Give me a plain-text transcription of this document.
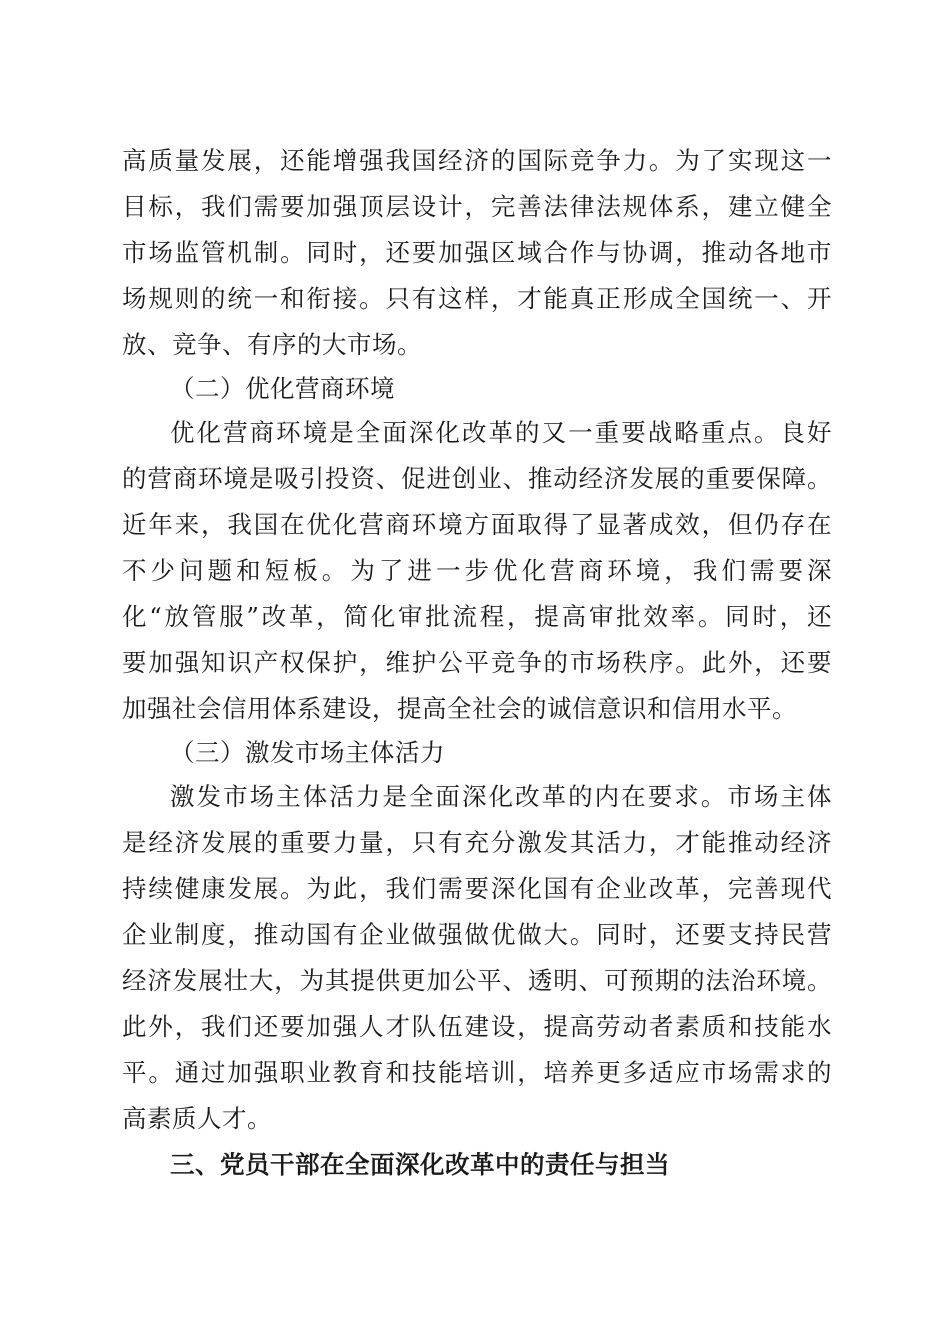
高质量发展，还能增强我国经济的国际竞争力。为了实现这一
目标，我们需要加强顶层设计，完善法律法规体系，建立健全
市场监管机制。同时，还要加强区域合作与协调，推动各地市
场规则的统一和衔接。只有这样，才能真正形成全国统一、开
放、竞争、有序的大市场。
（二）优化营商环境
优化营商环境是全面深化改革的又一重要战略重点。良好
的营商环境是吸引投资、促进创业、推动经济发展的重要保障。
近年来，我国在优化营商环境方面取得了显著成效，但仍存在
不少问题和短板。为了进一步优化营商环境，我们需要深
化“放管服”改革，简化审批流程，提高审批效率。同时，还
要加强知识产权保护，维护公平竞争的市场秩序。此外，还要
加强社会信用体系建设，提高全社会的诚信意识和信用水平。
（三）激发市场主体活力
激发市场主体活力是全面深化改革的内在要求。市场主体
是经济发展的重要力量，只有充分激发其活力，才能推动经济
持续健康发展。为此，我们需要深化国有企业改革，完善现代
企业制度，推动国有企业做强做优做大。同时，还要支持民营
经济发展壮大，为其提供更加公平、透明、可预期的法治环境。
此外，我们还要加强人才队伍建设，提高劳动者素质和技能水
平。通过加强职业教育和技能培训，培养更多适应市场需求的
高素质人才。
三、党员干部在全面深化改革中的责任与担当
